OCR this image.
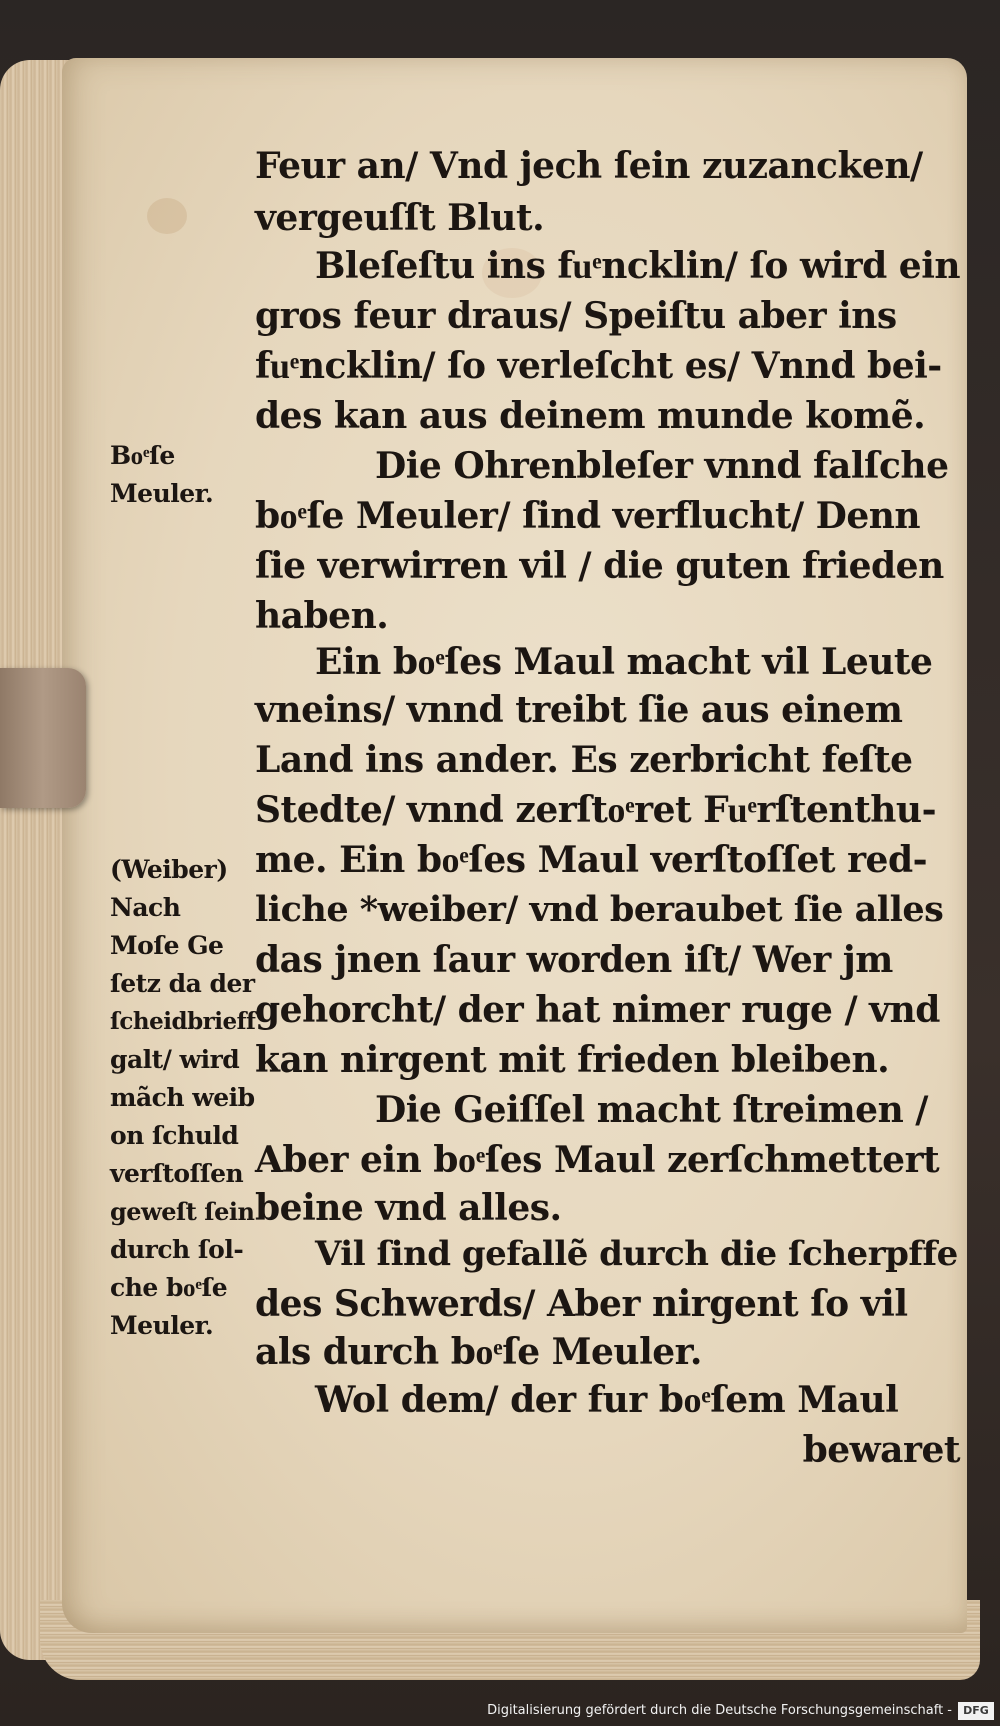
Feur an/ Vnd jech ſein zuzancken/

vergeuſſt Blut.

Bleſeſtu ins fuͤncklin/ ſo wird ein

gros feur draus/ Speiſtu aber ins

fuͤncklin/ ſo verleſcht es/ Vnnd bei-

des kan aus deinem munde komẽ.

Die Ohrenbleſer vnnd falſche

boͤſe Meuler/ ſind verflucht/ Denn

ſie verwirren vil / die guten frieden

haben.

Ein boͤſes Maul macht vil Leute

vneins/ vnnd treibt ſie aus einem

Land ins ander. Es zerbricht feſte

Stedte/ vnnd zerſtoͤret Fuͤrſtenthu-

me. Ein boͤſes Maul verſtoſſet red-

liche *weiber/ vnd beraubet ſie alles

das jnen ſaur worden iſt/ Wer jm

gehorcht/ der hat nimer ruge / vnd

kan nirgent mit frieden bleiben.

Die Geiſſel macht ſtreimen /

Aber ein boͤſes Maul zerſchmettert

beine vnd alles.

Vil ſind gefallẽ durch die ſcherpffe

des Schwerds/ Aber nirgent ſo vil

als durch boͤſe Meuler.

Wol dem/ der fur boͤſem Maul

bewaret

Boͤſe

Meuler.

(Weiber)

Nach

Moſe Ge

ſetz da der

ſcheidbrieff

galt/ wird

mãch weib

on ſchuld

verſtoſſen

geweſt ſein

durch ſol-

che boͤſe

Meuler.

Digitalisierung gefördert durch die Deutsche Forschungsgemeinschaft -	DFG
